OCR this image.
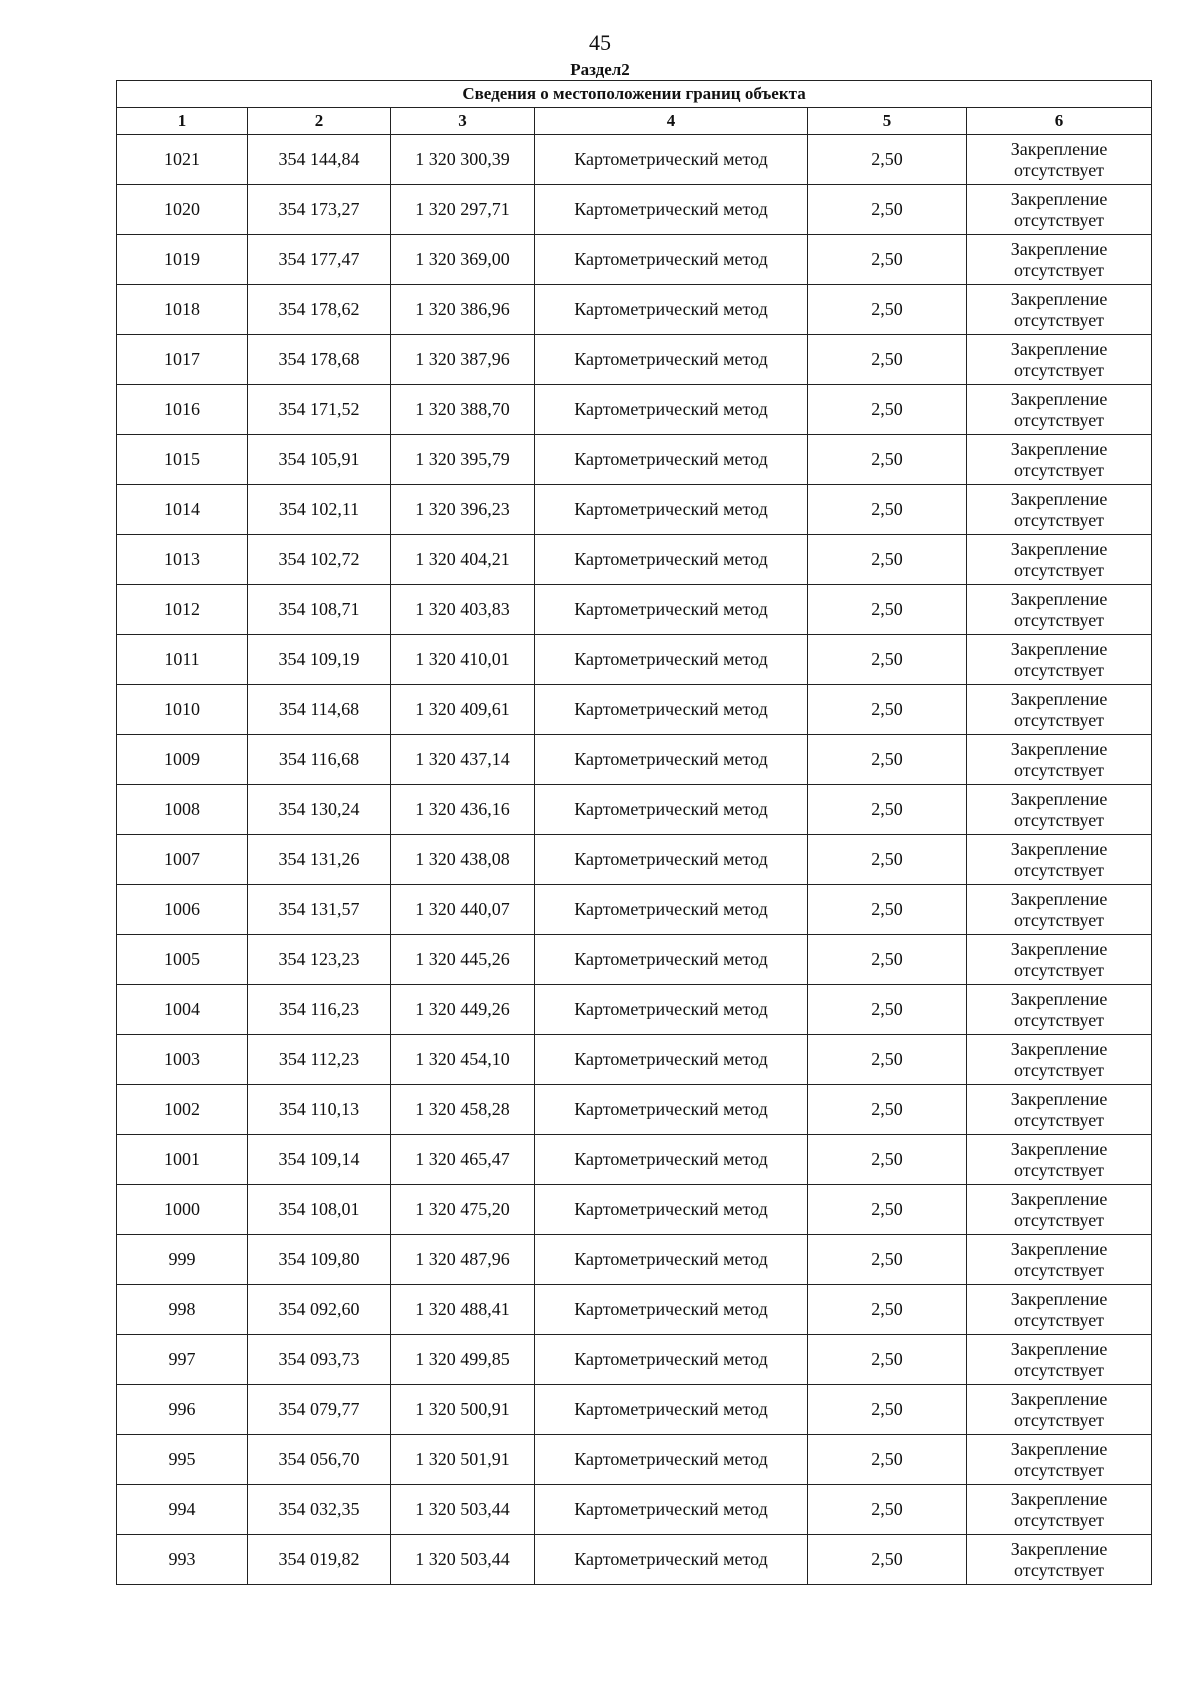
45
Раздел2
Сведения о местоположении границ объекта					
1	2	3	4	5	6
1021	354 144,84	1 320 300,39	Картометрический метод	2,50	Закрепление
отсутствует

1020	354 173,27	1 320 297,71	Картометрический метод	2,50	Закрепление
отсутствует

1019	354 177,47	1 320 369,00	Картометрический метод	2,50	Закрепление
отсутствует

1018	354 178,62	1 320 386,96	Картометрический метод	2,50	Закрепление
отсутствует

1017	354 178,68	1 320 387,96	Картометрический метод	2,50	Закрепление
отсутствует

1016	354 171,52	1 320 388,70	Картометрический метод	2,50	Закрепление
отсутствует

1015	354 105,91	1 320 395,79	Картометрический метод	2,50	Закрепление
отсутствует

1014	354 102,11	1 320 396,23	Картометрический метод	2,50	Закрепление
отсутствует

1013	354 102,72	1 320 404,21	Картометрический метод	2,50	Закрепление
отсутствует

1012	354 108,71	1 320 403,83	Картометрический метод	2,50	Закрепление
отсутствует

1011	354 109,19	1 320 410,01	Картометрический метод	2,50	Закрепление
отсутствует

1010	354 114,68	1 320 409,61	Картометрический метод	2,50	Закрепление
отсутствует

1009	354 116,68	1 320 437,14	Картометрический метод	2,50	Закрепление
отсутствует

1008	354 130,24	1 320 436,16	Картометрический метод	2,50	Закрепление
отсутствует

1007	354 131,26	1 320 438,08	Картометрический метод	2,50	Закрепление
отсутствует

1006	354 131,57	1 320 440,07	Картометрический метод	2,50	Закрепление
отсутствует

1005	354 123,23	1 320 445,26	Картометрический метод	2,50	Закрепление
отсутствует

1004	354 116,23	1 320 449,26	Картометрический метод	2,50	Закрепление
отсутствует

1003	354 112,23	1 320 454,10	Картометрический метод	2,50	Закрепление
отсутствует

1002	354 110,13	1 320 458,28	Картометрический метод	2,50	Закрепление
отсутствует

1001	354 109,14	1 320 465,47	Картометрический метод	2,50	Закрепление
отсутствует

1000	354 108,01	1 320 475,20	Картометрический метод	2,50	Закрепление
отсутствует

999	354 109,80	1 320 487,96	Картометрический метод	2,50	Закрепление
отсутствует

998	354 092,60	1 320 488,41	Картометрический метод	2,50	Закрепление
отсутствует

997	354 093,73	1 320 499,85	Картометрический метод	2,50	Закрепление
отсутствует

996	354 079,77	1 320 500,91	Картометрический метод	2,50	Закрепление
отсутствует

995	354 056,70	1 320 501,91	Картометрический метод	2,50	Закрепление
отсутствует

994	354 032,35	1 320 503,44	Картометрический метод	2,50	Закрепление
отсутствует

993	354 019,82	1 320 503,44	Картометрический метод	2,50	Закрепление
отсутствует
